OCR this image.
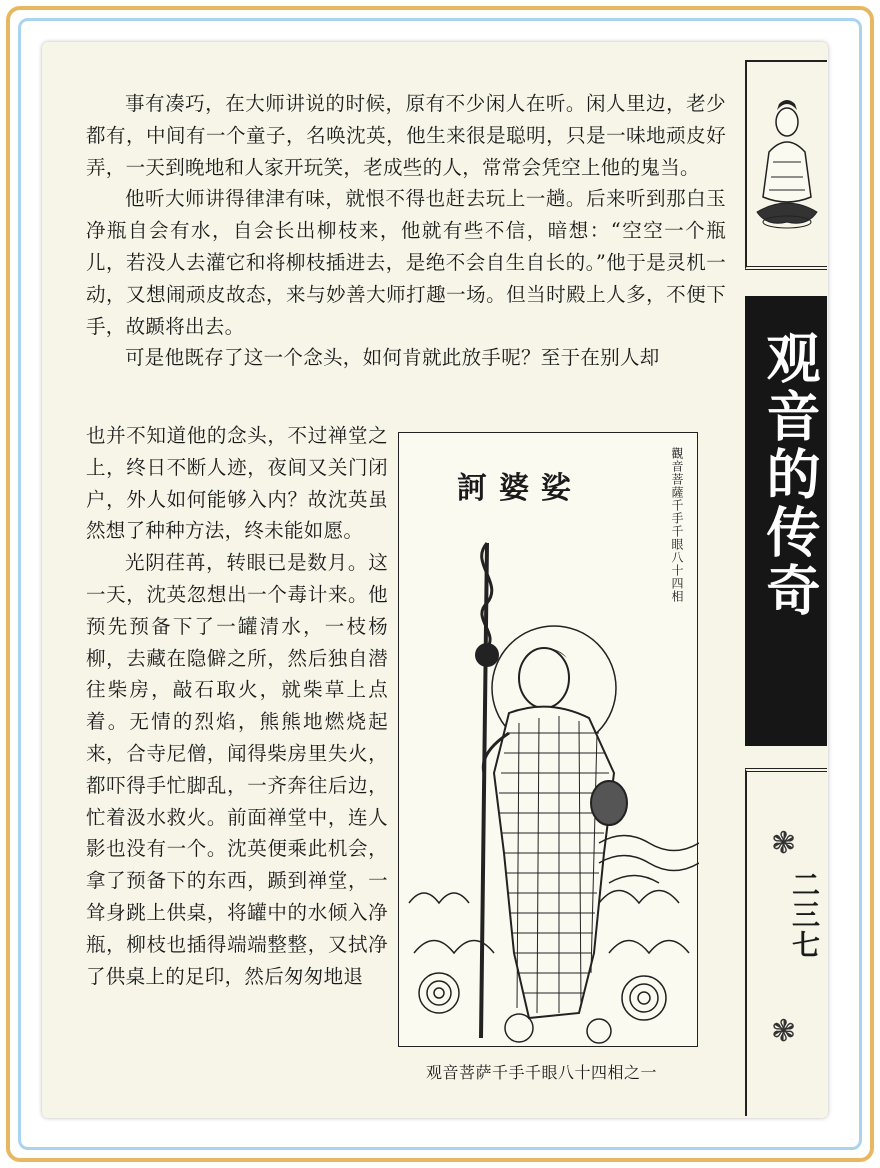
事有凑巧，在大师讲说的时候，原有不少闲人在听。闲人里边，老少都有，中间有一个童子，名唤沈英，他生来很是聪明，只是一味地顽皮好弄，一天到晚地和人家开玩笑，老成些的人，常常会凭空上他的鬼当。

他听大师讲得律津有味，就恨不得也赶去玩上一趟。后来听到那白玉净瓶自会有水，自会长出柳枝来，他就有些不信，暗想：“空空一个瓶儿，若没人去灌它和将柳枝插进去，是绝不会自生自长的。”他于是灵机一动，又想闹顽皮故态，来与妙善大师打趣一场。但当时殿上人多，不便下手，故踬将出去。

可是他既存了这一个念头，如何肯就此放手呢？至于在别人却

也并不知道他的念头，不过禅堂之上，终日不断人迹，夜间又关门闭户，外人如何能够入内？故沈英虽然想了种种方法，终未能如愿。

光阴荏苒，转眼已是数月。这一天，沈英忽想出一个毒计来。他预先预备下了一罐清水，一枝杨柳，去藏在隐僻之所，然后独自潜往柴房，敲石取火，就柴草上点着。无情的烈焰，熊熊地燃烧起来，合寺尼僧，闻得柴房里失火，都吓得手忙脚乱，一齐奔往后边，忙着汲水救火。前面禅堂中，连人影也没有一个。沈英便乘此机会，拿了预备下的东西，踬到禅堂，一耸身跳上供桌，将罐中的水倾入净瓶，柳枝也插得端端整整，又拭净了供桌上的足印，然后匆匆地退

訶婆娑	觀音菩薩千手千眼八十四相
观音菩萨千手千眼八十四相之一
观音的传奇
❃
二三七
❃
